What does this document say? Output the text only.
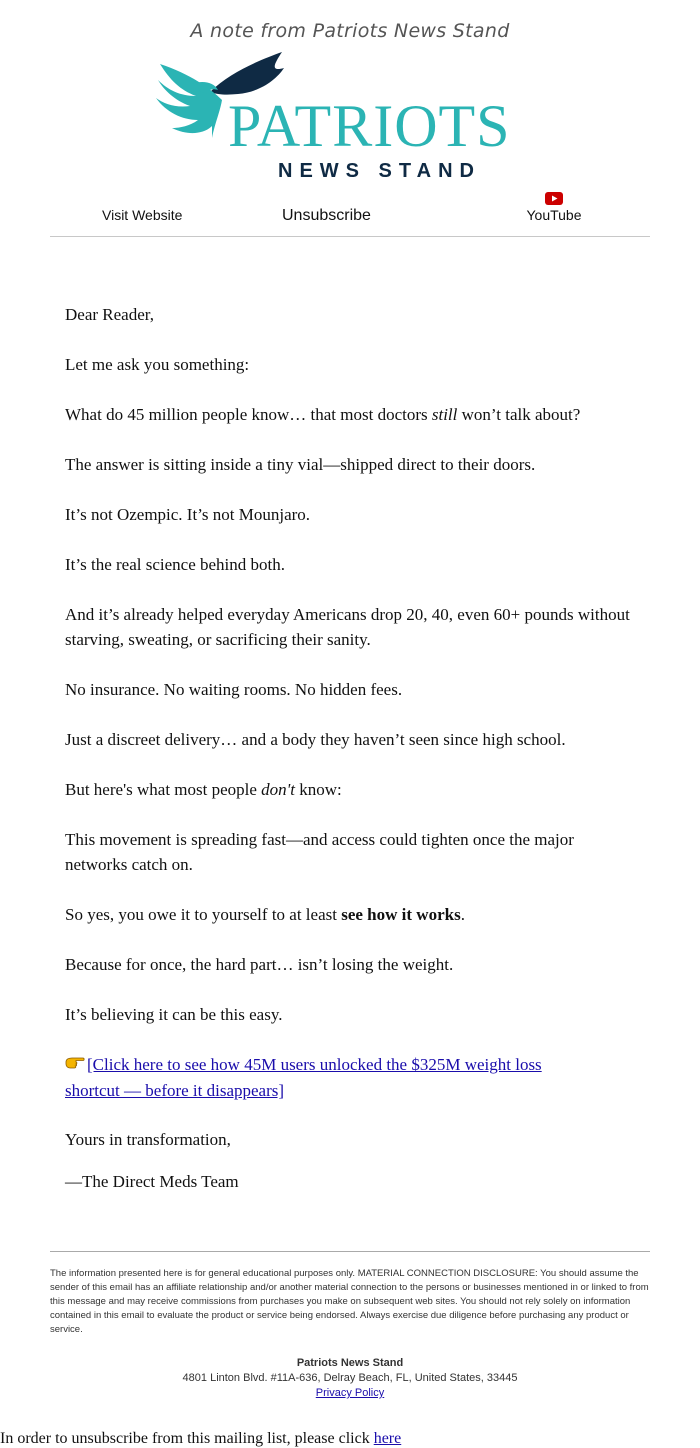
A note from Patriots News Stand
PATRIOTS
NEWS STAND
Visit Website	Unsubscribe	YouTube

Dear Reader,

Let me ask you something:

What do 45 million people know… that most doctors still won’t talk about?

The answer is sitting inside a tiny vial—shipped direct to their doors.

It’s not Ozempic. It’s not Mounjaro.

It’s the real science behind both.

And it’s already helped everyday Americans drop 20, 40, even 60+ pounds without starving, sweating, or sacrificing their sanity.

No insurance. No waiting rooms. No hidden fees.

Just a discreet delivery… and a body they haven’t seen since high school.

But here's what most people don't know:

This movement is spreading fast—and access could tighten once the major networks catch on.

So yes, you owe it to yourself to at least see how it works.

Because for once, the hard part… isn’t losing the weight.

It’s believing it can be this easy.

[Click here to see how 45M users unlocked the $325M weight loss shortcut — before it disappears]

Yours in transformation,

—The Direct Meds Team

The information presented here is for general educational purposes only. MATERIAL CONNECTION DISCLOSURE: You should assume the sender of this email has an affiliate relationship and/or another material connection to the persons or businesses mentioned in or linked to from this message and may receive commissions from purchases you make on subsequent web sites. You should not rely solely on information contained in this email to evaluate the product or service being endorsed. Always exercise due diligence before purchasing any product or service.
Patriots News Stand
4801 Linton Blvd. #11A-636, Delray Beach, FL, United States, 33445
Privacy Policy
In order to unsubscribe from this mailing list, please click here
